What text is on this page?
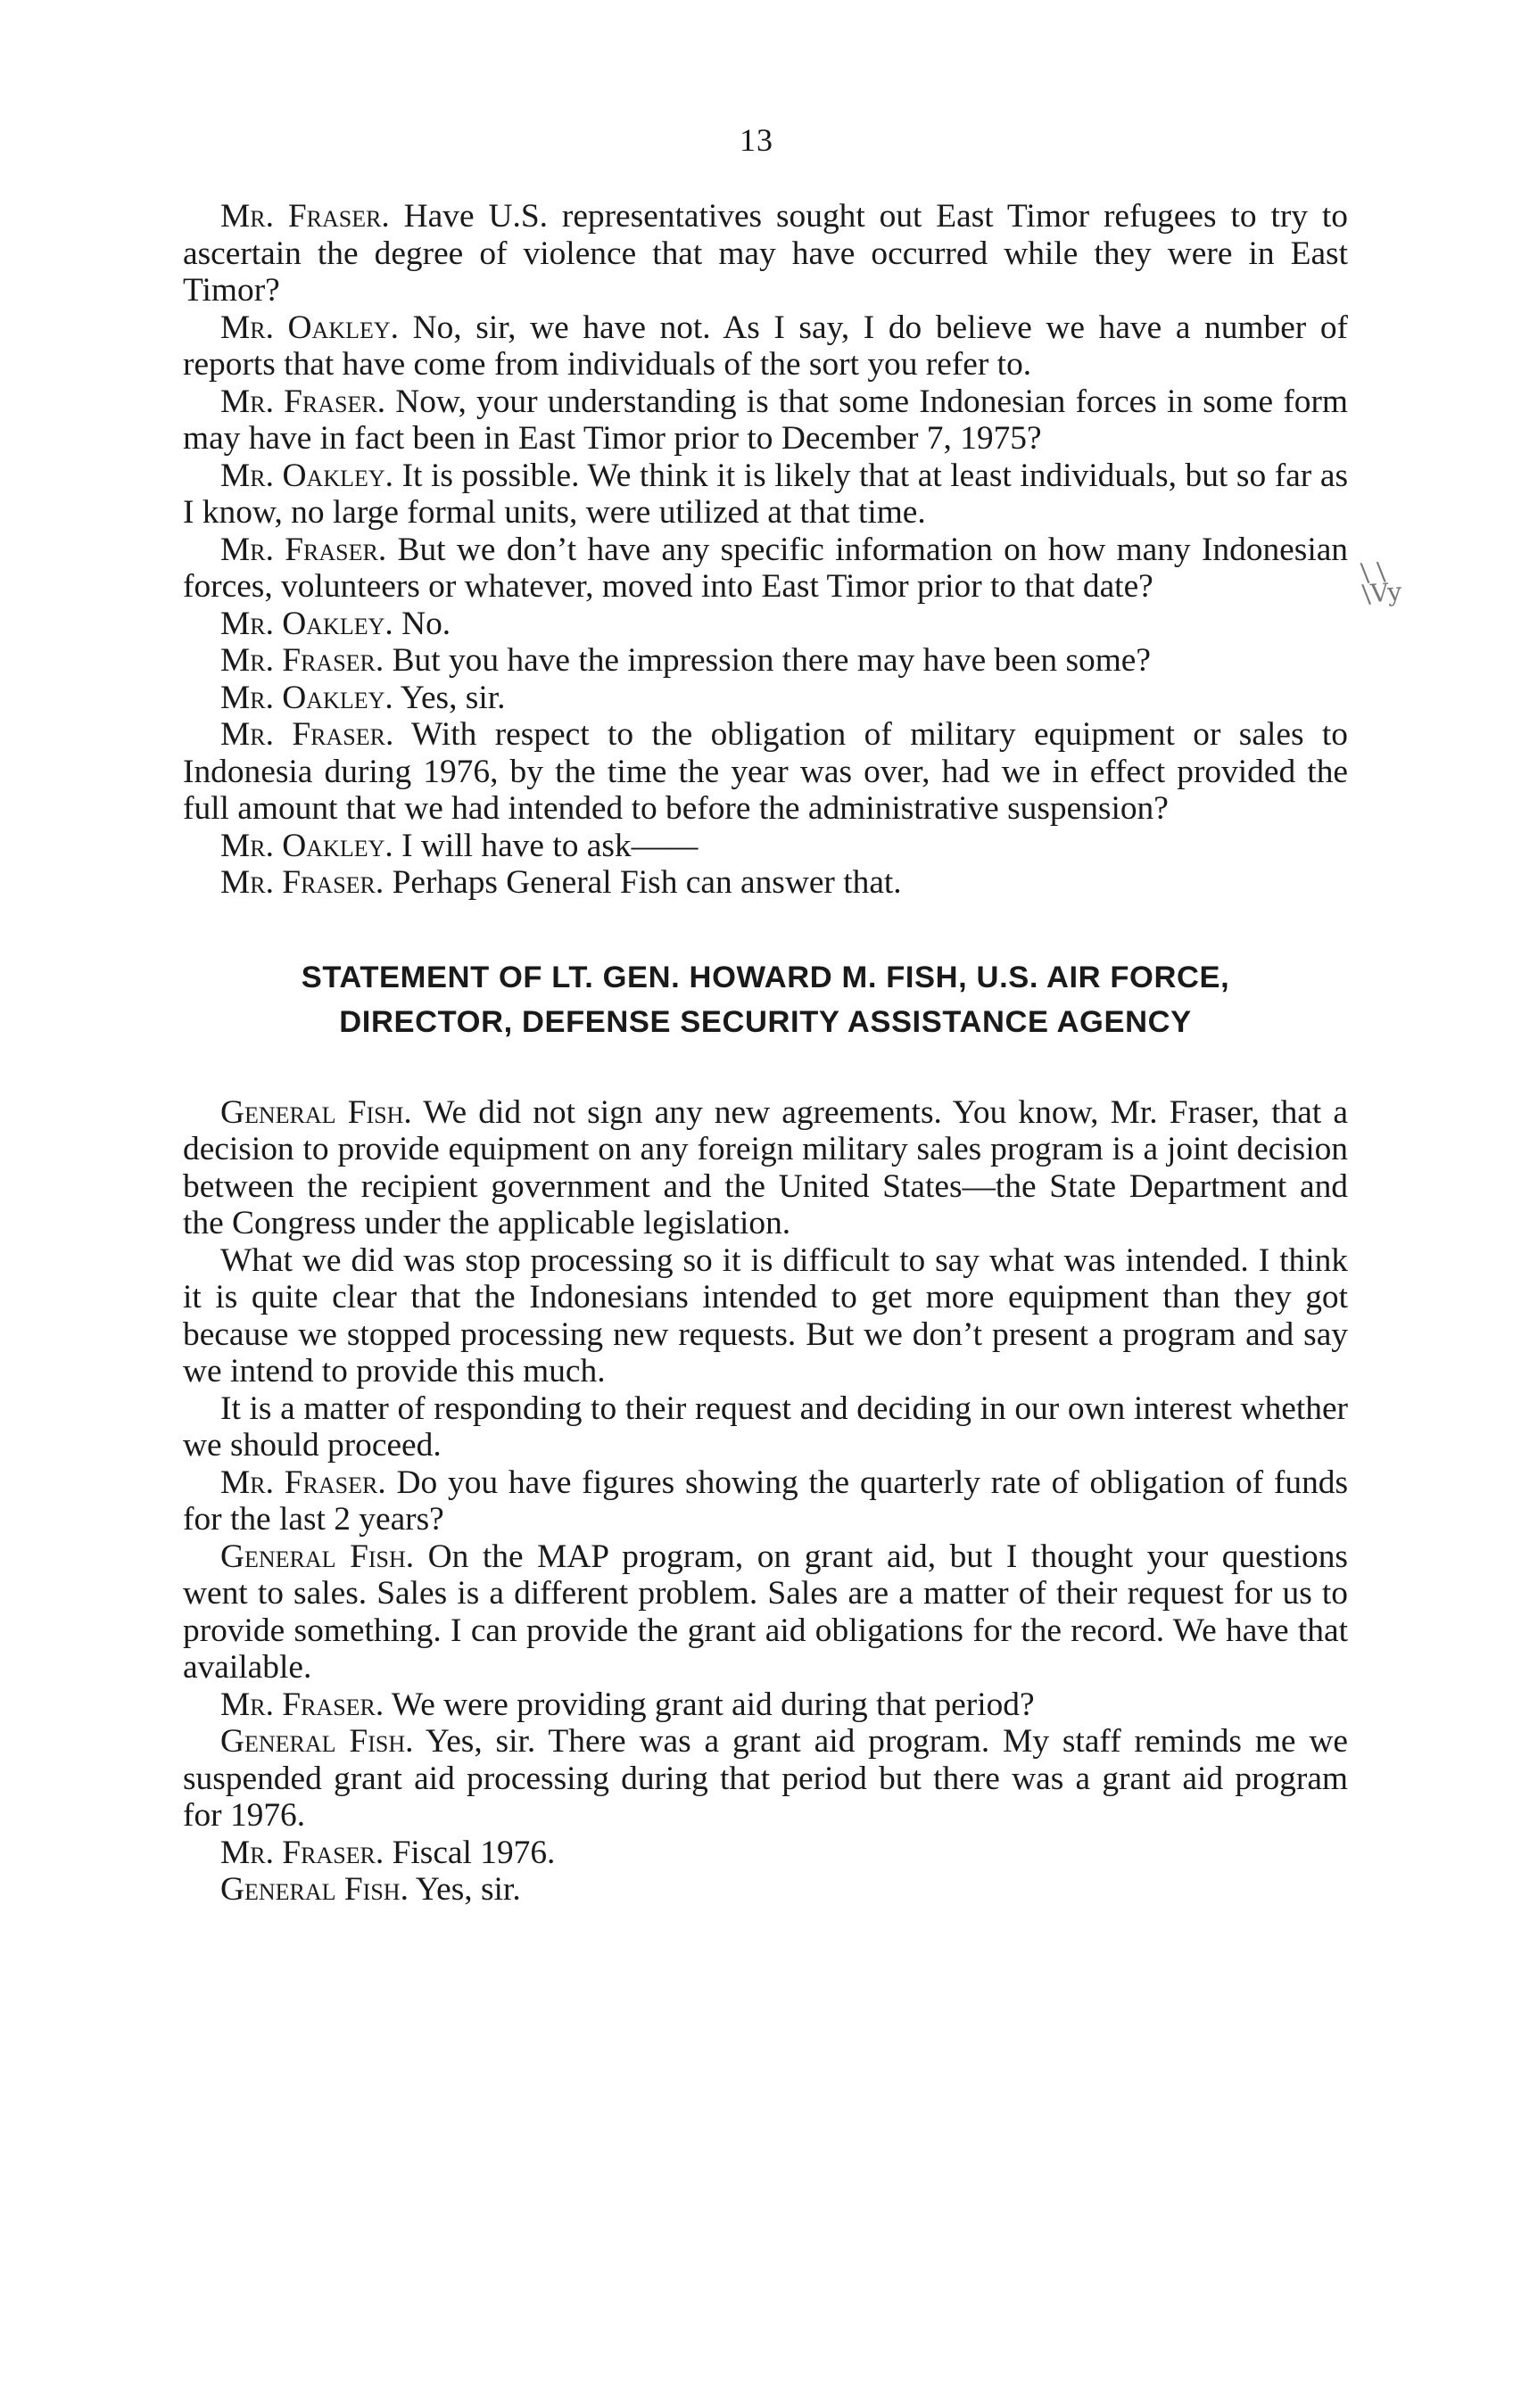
13
\ \ \Vy

Mr. Fraser. Have U.S. representatives sought out East Timor refugees to try to ascertain the degree of violence that may have occurred while they were in East Timor?

Mr. Oakley. No, sir, we have not. As I say, I do believe we have a number of reports that have come from individuals of the sort you refer to.

Mr. Fraser. Now, your understanding is that some Indonesian forces in some form may have in fact been in East Timor prior to December 7, 1975?

Mr. Oakley. It is possible. We think it is likely that at least individuals, but so far as I know, no large formal units, were utilized at that time.

Mr. Fraser. But we don’t have any specific information on how many Indonesian forces, volunteers or whatever, moved into East Timor prior to that date?

Mr. Oakley. No.

Mr. Fraser. But you have the impression there may have been some?

Mr. Oakley. Yes, sir.

Mr. Fraser. With respect to the obligation of military equipment or sales to Indonesia during 1976, by the time the year was over, had we in effect provided the full amount that we had intended to before the administrative suspension?

Mr. Oakley. I will have to ask——

Mr. Fraser. Perhaps General Fish can answer that.

STATEMENT OF LT. GEN. HOWARD M. FISH, U.S. AIR FORCE,
DIRECTOR, DEFENSE SECURITY ASSISTANCE AGENCY

General Fish. We did not sign any new agreements. You know, Mr. Fraser, that a decision to provide equipment on any foreign military sales program is a joint decision between the recipient government and the United States—the State Department and the Congress under the applicable legislation.

What we did was stop processing so it is difficult to say what was intended. I think it is quite clear that the Indonesians intended to get more equipment than they got because we stopped processing new requests. But we don’t present a program and say we intend to provide this much.

It is a matter of responding to their request and deciding in our own interest whether we should proceed.

Mr. Fraser. Do you have figures showing the quarterly rate of obligation of funds for the last 2 years?

General Fish. On the MAP program, on grant aid, but I thought your questions went to sales. Sales is a different problem. Sales are a matter of their request for us to provide something. I can provide the grant aid obligations for the record. We have that available.

Mr. Fraser. We were providing grant aid during that period?

General Fish. Yes, sir. There was a grant aid program. My staff reminds me we suspended grant aid processing during that period but there was a grant aid program for 1976.

Mr. Fraser. Fiscal 1976.

General Fish. Yes, sir.
